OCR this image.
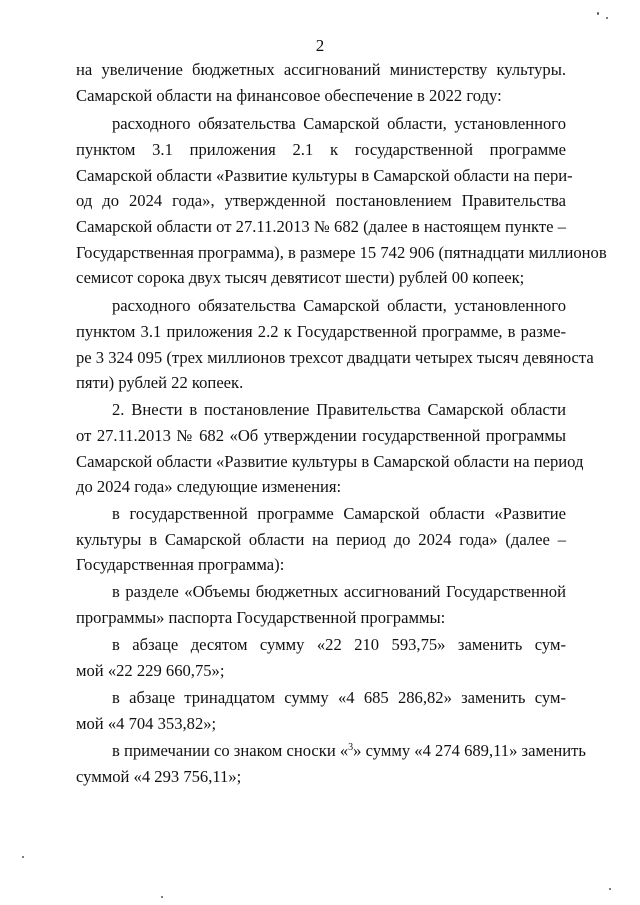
2
на увеличение бюджетных ассигнований министерству культуры.
Самарской области на финансовое обеспечение в 2022 году:
расходного обязательства Самарской области, установленного
пунктом 3.1 приложения 2.1 к государственной программе
Самарской области «Развитие культуры в Самарской области на пери-
од до 2024 года», утвержденной постановлением Правительства
Самарской области от 27.11.2013 № 682 (далее в настоящем пункте –
Государственная программа), в размере 15 742 906 (пятнадцати миллионов
семисот сорока двух тысяч девятисот шести) рублей 00 копеек;
расходного обязательства Самарской области, установленного
пунктом 3.1 приложения 2.2 к Государственной программе, в разме-
ре 3 324 095 (трех миллионов трехсот двадцати четырех тысяч девяноста
пяти) рублей 22 копеек.
2. Внести в постановление Правительства Самарской области
от 27.11.2013 № 682 «Об утверждении государственной программы
Самарской области «Развитие культуры в Самарской области на период
до 2024 года» следующие изменения:
в государственной программе Самарской области «Развитие
культуры в Самарской области на период до 2024 года» (далее –
Государственная программа):
в разделе «Объемы бюджетных ассигнований Государственной
программы» паспорта Государственной программы:
в абзаце десятом сумму «22 210 593,75» заменить сум-
мой «22 229 660,75»;
в абзаце тринадцатом сумму «4 685 286,82» заменить сум-
мой «4 704 353,82»;
в примечании со знаком сноски «$^3$» сумму «4 274 689,11» заменить
суммой «4 293 756,11»;
